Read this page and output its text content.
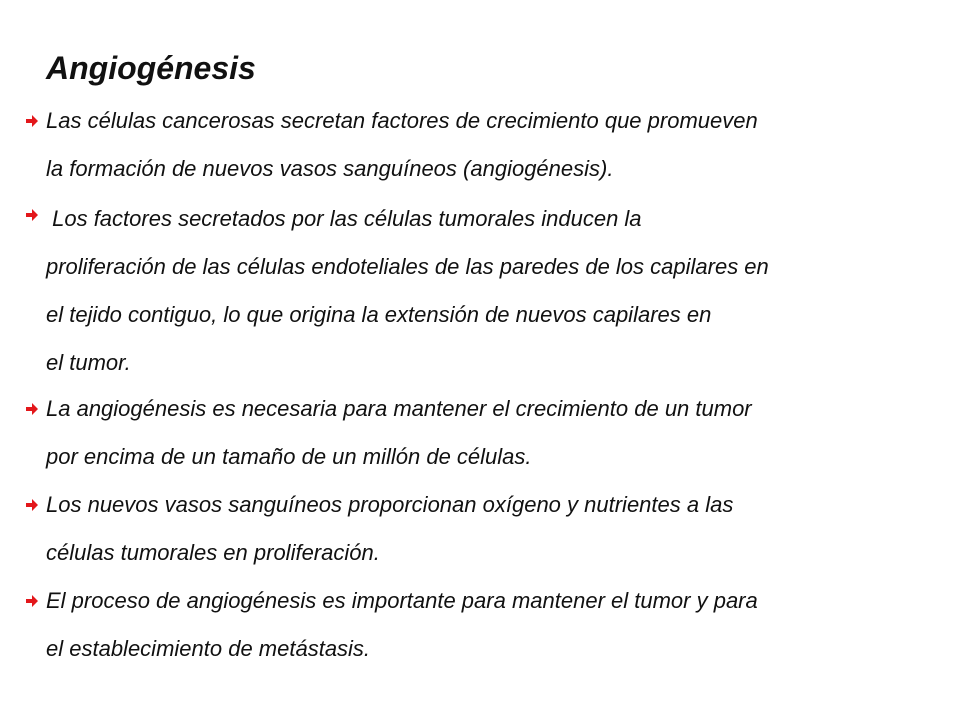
Angiogénesis
Las células cancerosas secretan factores de crecimiento que promueven
la formación de nuevos vasos sanguíneos (angiogénesis).
Los factores secretados por las células tumorales inducen la
proliferación de las células endoteliales de las paredes de los capilares en
el tejido contiguo, lo que origina la extensión de nuevos capilares en
el tumor.
La angiogénesis es necesaria para mantener el crecimiento de un tumor
por encima de un tamaño de un millón de células.
Los nuevos vasos sanguíneos proporcionan oxígeno y nutrientes a las
células tumorales en proliferación.
El proceso de angiogénesis es importante para mantener el tumor y para
el establecimiento de metástasis.
